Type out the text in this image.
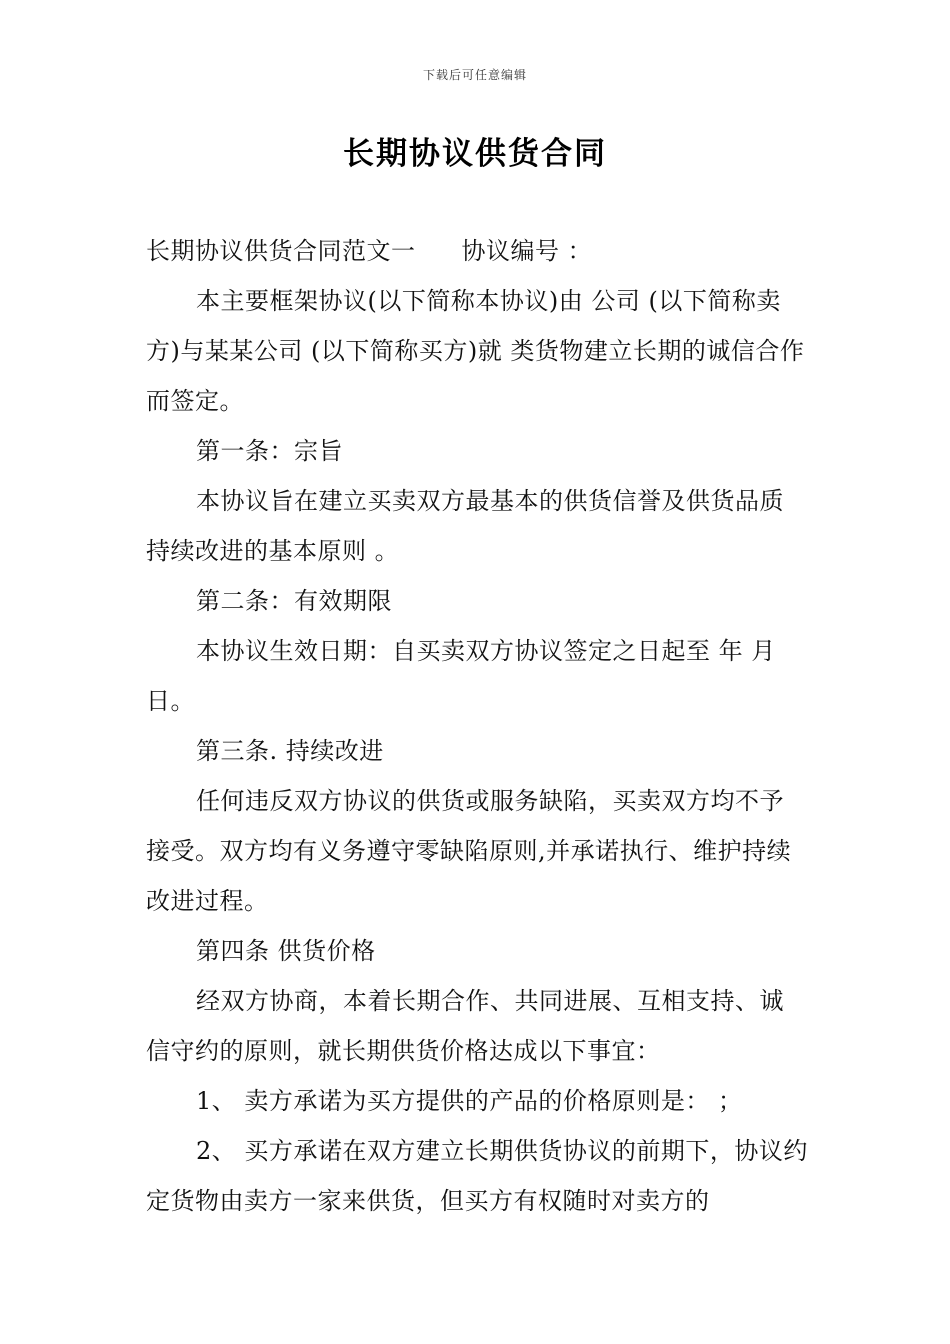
下载后可任意编辑
长期协议供货合同

长期协议供货合同范文一 协议编号 ：

本主要框架协议(以下简称本协议)由 公司 (以下简称卖方)与某某公司 (以下简称买方)就 类货物建立长期的诚信合作而签定。

第一条：宗旨

本协议旨在建立买卖双方最基本的供货信誉及供货品质持续改进的基本原则 。

第二条：有效期限

本协议生效日期：自买卖双方协议签定之日起至 年 月 日。

第三条. 持续改进

任何违反双方协议的供货或服务缺陷，买卖双方均不予接受。双方均有义务遵守零缺陷原则,并承诺执行、维护持续改进过程。

第四条 供货价格

经双方协商，本着长期合作、共同进展、互相支持、诚信守约的原则，就长期供货价格达成以下事宜：

1、 卖方承诺为买方提供的产品的价格原则是： ；

2、 买方承诺在双方建立长期供货协议的前期下，协议约定货物由卖方一家来供货，但买方有权随时对卖方的
